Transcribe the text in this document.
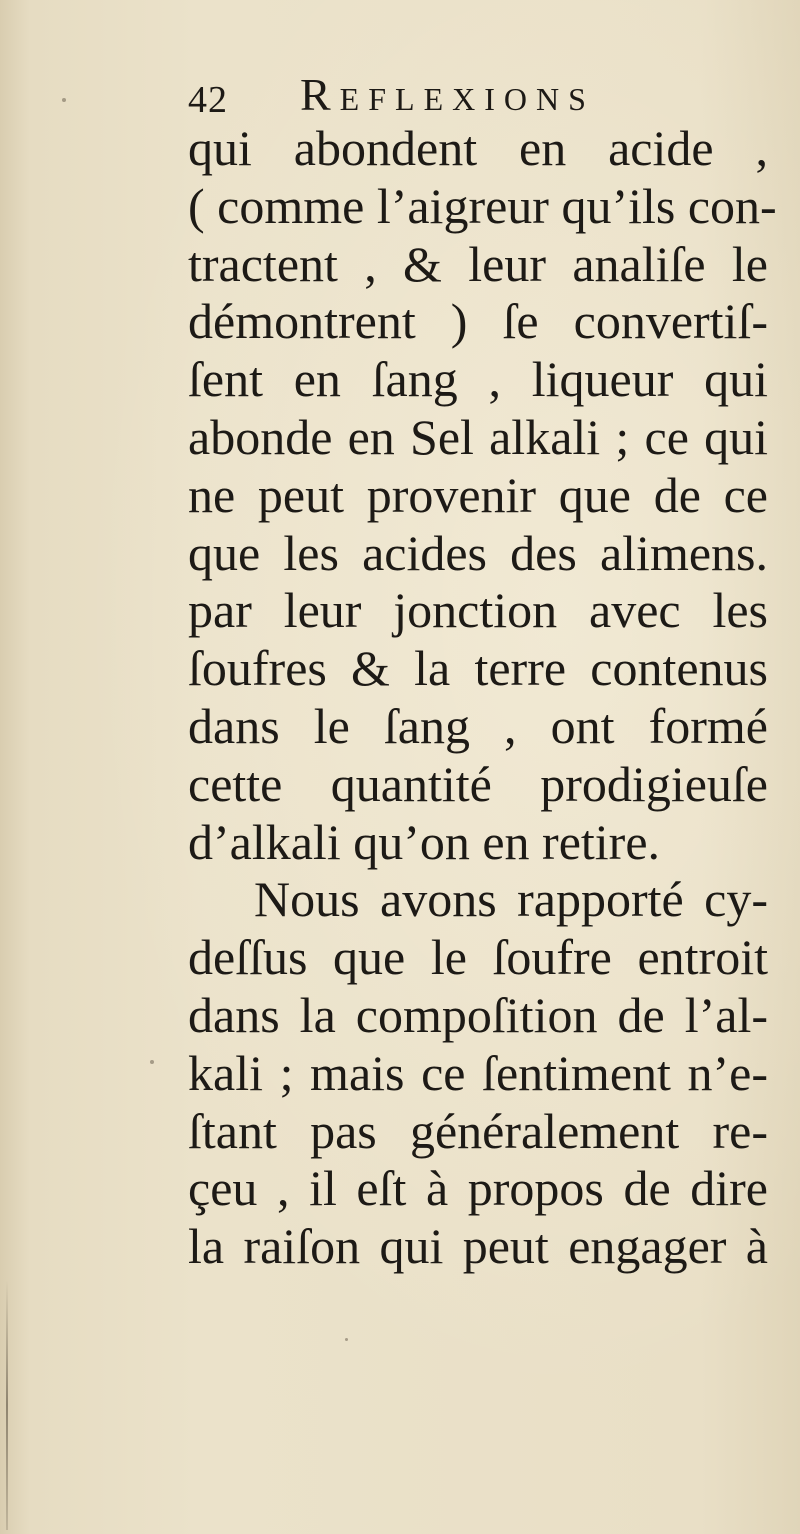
42 Reflexions
qui abondent en acide ,
( comme l’aigreur qu’ils con-
tractent , & leur analiſe le
démontrent ) ſe convertiſ-
ſent en ſang , liqueur qui
abonde en Sel alkali ; ce qui
ne peut provenir que de ce
que les acides des alimens.
par leur jonction avec les
ſoufres & la terre contenus
dans le ſang , ont formé
cette quantité prodigieuſe
d’alkali qu’on en retire.
Nous avons rapporté cy-
deſſus que le ſoufre entroit
dans la compoſition de l’al-
kali ; mais ce ſentiment n’e-
ſtant pas généralement re-
çeu , il eſt à propos de dire
la raiſon qui peut engager à
